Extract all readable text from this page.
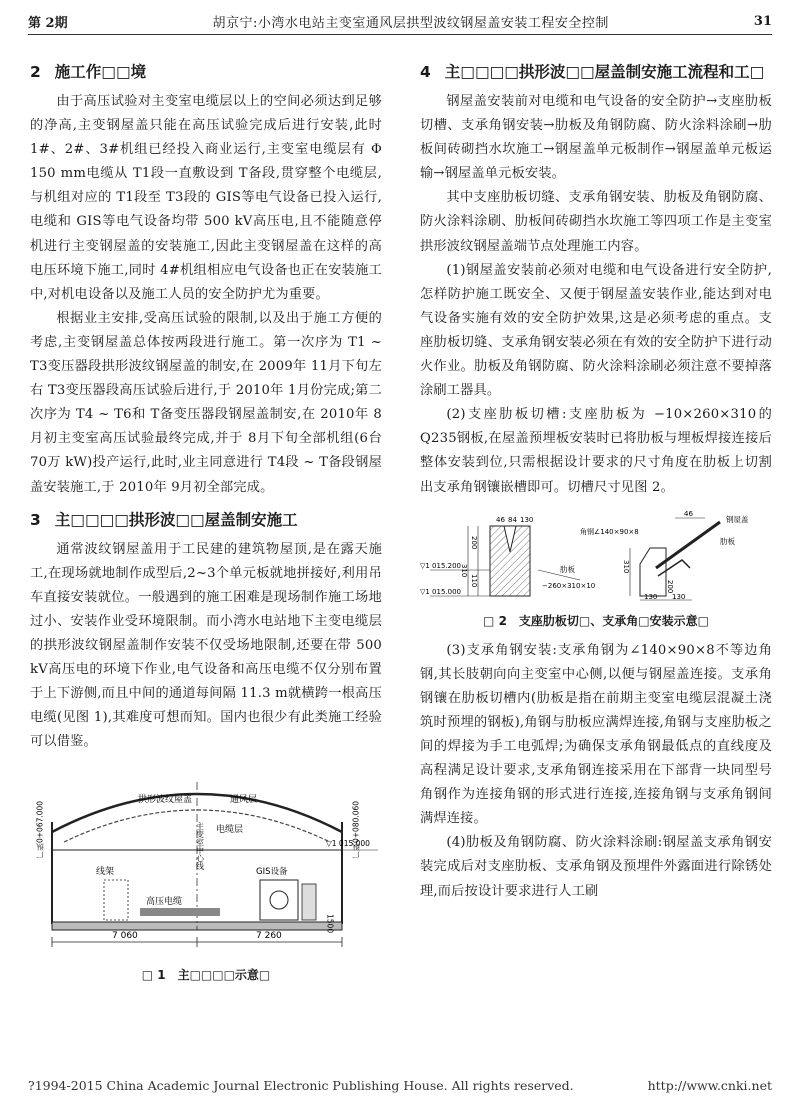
第 2期	胡京宁:小湾水电站主变室通风层拱型波纹钢屋盖安装工程安全控制	31
2 施工作□□境

由于高压试验对主变室电缆层以上的空间必须达到足够的净高,主变钢屋盖只能在高压试验完成后进行安装,此时 1#、2#、3#机组已经投入商业运行,主变室电缆层有 Φ 150 mm电缆从 T1段一直敷设到 T备段,贯穿整个电缆层,与机组对应的 T1段至 T3段的 GIS等电气设备已投入运行,电缆和 GIS等电气设备均带 500 kV高压电,且不能随意停机进行主变钢屋盖的安装施工,因此主变钢屋盖在这样的高电压环境下施工,同时 4#机组相应电气设备也正在安装施工中,对机电设备以及施工人员的安全防护尤为重要。

根据业主安排,受高压试验的限制,以及出于施工方便的考虑,主变钢屋盖总体按两段进行施工。第一次序为 T1 ~ T3变压器段拱形波纹钢屋盖的制安,在 2009年 11月下旬左右 T3变压器段高压试验后进行,于 2010年 1月份完成;第二次序为 T4 ~ T6和 T备变压器段钢屋盖制安,在 2010年 8月初主变室高压试验最终完成,并于 8月下旬全部机组(6台 70万 kW)投产运行,此时,业主同意进行 T4段 ~ T备段钢屋盖安装施工,于 2010年 9月初全部完成。

3 主□□□□拱形波□□屋盖制安施工

通常波纹钢屋盖用于工民建的建筑物屋顶,是在露天施工,在现场就地制作成型后,2~3个单元板就地拼接好,利用吊车直接安装就位。一般遇到的施工困难是现场制作施工场地过小、安装作业受环境限制。而小湾水电站地下主变电缆层的拱形波纹钢屋盖制作安装不仅受场地限制,还要在带 500 kV高压电的环境下作业,电气设备和高压电缆不仅分别布置于上下游侧,而且中间的通道每间隔 11.3 m就横跨一根高压电缆(见图 1),其难度可想而知。国内也很少有此类施工经验可以借鉴。

拱形波纹屋盖	通风层
电缆层
主变室中心线
GIS设备
线架
高压电缆
▽1 015.000
厂纵0+067.000	厂纵0+080.060
7 060	7 260
1500
□ 1　主□□□□示意□
4 主□□□□拱形波□□屋盖制安施工流程和工□

钢屋盖安装前对电缆和电气设备的安全防护→支座肋板切槽、支承角钢安装→肋板及角钢防腐、防火涂料涂刷→肋板间砖砌挡水坎施工→钢屋盖单元板制作→钢屋盖单元板运输→钢屋盖单元板安装。

其中支座肋板切缝、支承角钢安装、肋板及角钢防腐、防火涂料涂刷、肋板间砖砌挡水坎施工等四项工作是主变室拱形波纹钢屋盖端节点处理施工内容。

(1)钢屋盖安装前必须对电缆和电气设备进行安全防护,怎样防护施工既安全、又便于钢屋盖安装作业,能达到对电气设备实施有效的安全防护效果,这是必须考虑的重点。支座肋板切缝、支承角钢安装必须在有效的安全防护下进行动火作业。肋板及角钢防腐、防火涂料涂刷必须注意不要掉落涂刷工器具。

(2)支座肋板切槽:支座肋板为 −10×260×310的 Q235钢板,在屋盖预埋板安装时已将肋板与埋板焊接连接后整体安装到位,只需根据设计要求的尺寸角度在肋板上切割出支承角钢镶嵌槽即可。切槽尺寸见图 2。

46 84 130
▽1 015.200
▽1 015.000
310
200
110
肋板
−260×310×10
角钢∠140×90×8
钢屋盖
肋板
46
310
200
130 130
□ 2　支座肋板切□、支承角□安装示意□

(3)支承角钢安装:支承角钢为∠140×90×8不等边角钢,其长肢朝向向主变室中心侧,以便与钢屋盖连接。支承角钢镶在肋板切槽内(肋板是指在前期主变室电缆层混凝土浇筑时预埋的钢板),角钢与肋板应满焊连接,角钢与支座肋板之间的焊接为手工电弧焊;为确保支承角钢最低点的直线度及高程满足设计要求,支承角钢连接采用在下部背一块同型号角钢作为连接角钢的形式进行连接,连接角钢与支承角钢间满焊连接。

(4)肋板及角钢防腐、防火涂料涂刷:钢屋盖支承角钢安装完成后对支座肋板、支承角钢及预埋件外露面进行除锈处理,而后按设计要求进行人工刷

?1994-2015 China Academic Journal Electronic Publishing House. All rights reserved.	http://www.cnki.net
